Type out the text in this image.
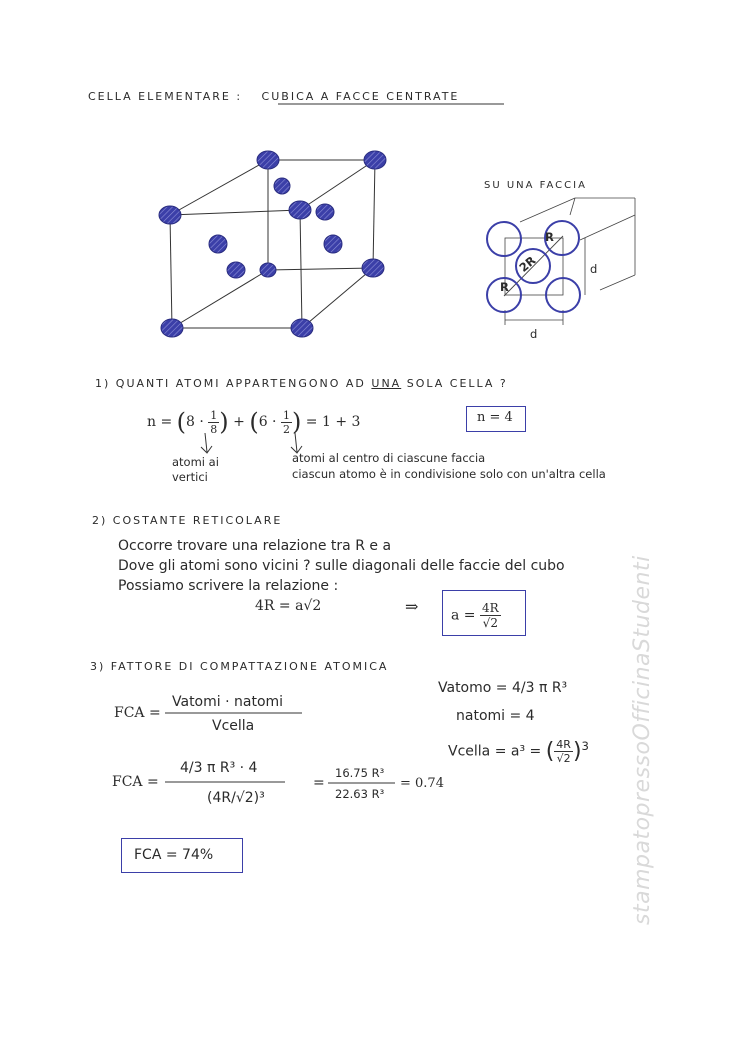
CELLA ELEMENTARE : CUBICA A FACCE CENTRATE
SU UNA FACCIA
R
2R
R
d
d
1) QUANTI ATOMI APPARTENGONO AD UNA SOLA CELLA ?
$n = (8 \cdot \frac{1}{8}$ ) + ($6 \cdot \frac{1}{2}$ ) = 1 + 3	n = 4
atomi ai
vertici
atomi al centro di ciascune faccia
ciascun atomo è in condivisione solo con un'altra cella
2) COSTANTE RETICOLARE
Occorre trovare una relazione tra R e a
Dove gli atomi sono vicini ? sulle diagonali delle faccie del cubo
Possiamo scrivere la relazione :
4R = a√2	⇒ $a = \frac{4R}{√2}$
3) FATTORE DI COMPATTAZIONE ATOMICA
FCA =
Vatomi · natomi
Vcella
Vatomo = 4/3 π R³
natomi = 4
Vcella = a³ = ( $\frac{4R}{√2} )^3$
FCA =
4/3 π R³ · 4
(4R/√2)³
=
16.75 R³
22.63 R³
= 0.74
FCA = 74%	stampatopressoOfficinaStudenti
